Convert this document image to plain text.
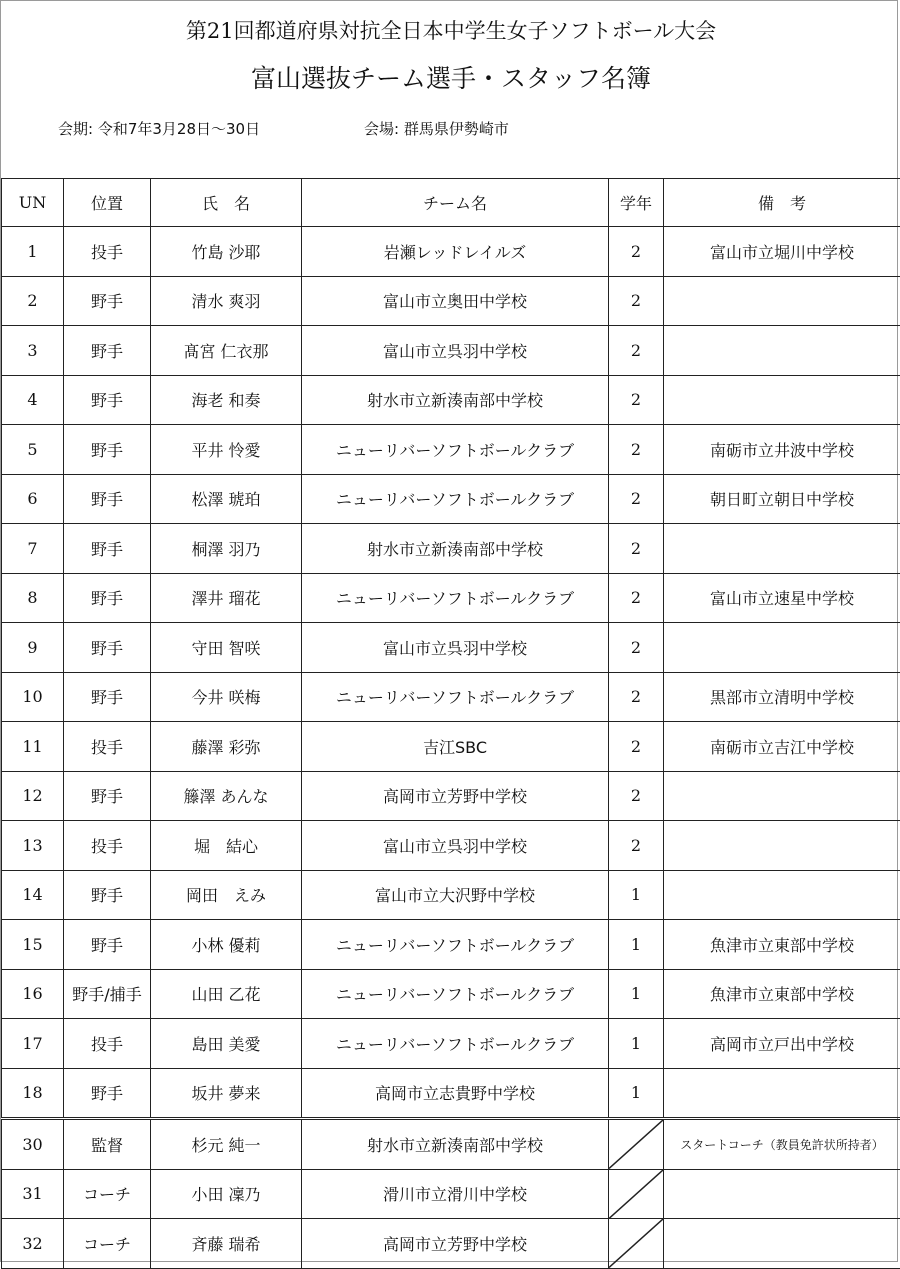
第21回都道府県対抗全日本中学生女子ソフトボール大会
富山選抜チーム選手・スタッフ名簿
会期: 令和7年3月28日～30日	会場: 群馬県伊勢崎市
UN	位置	氏　名	チーム名	学年	備　考
1	投手	竹島 沙耶	岩瀬レッドレイルズ	2	富山市立堀川中学校
2	野手	清水 爽羽	富山市立奥田中学校	2	
3	野手	髙宮 仁衣那	富山市立呉羽中学校	2	
4	野手	海老 和奏	射水市立新湊南部中学校	2	
5	野手	平井 怜愛	ニューリバーソフトボールクラブ	2	南砺市立井波中学校
6	野手	松澤 琥珀	ニューリバーソフトボールクラブ	2	朝日町立朝日中学校
7	野手	桐澤 羽乃	射水市立新湊南部中学校	2	
8	野手	澤井 瑠花	ニューリバーソフトボールクラブ	2	富山市立速星中学校
9	野手	守田 智咲	富山市立呉羽中学校	2	
10	野手	今井 咲梅	ニューリバーソフトボールクラブ	2	黒部市立清明中学校
11	投手	藤澤 彩弥	吉江SBC	2	南砺市立吉江中学校
12	野手	籐澤 あんな	高岡市立芳野中学校	2	
13	投手	堀　結心	富山市立呉羽中学校	2	
14	野手	岡田　えみ	富山市立大沢野中学校	1	
15	野手	小林 優莉	ニューリバーソフトボールクラブ	1	魚津市立東部中学校
16	野手/捕手	山田 乙花	ニューリバーソフトボールクラブ	1	魚津市立東部中学校
17	投手	島田 美愛	ニューリバーソフトボールクラブ	1	高岡市立戸出中学校
18	野手	坂井 夢来	高岡市立志貴野中学校	1	
30	監督	杉元 純一	射水市立新湊南部中学校		スタートコーチ（教員免許状所持者）
31	コーチ	小田 凜乃	滑川市立滑川中学校	

32	コーチ	斉藤 瑞希	高岡市立芳野中学校	
